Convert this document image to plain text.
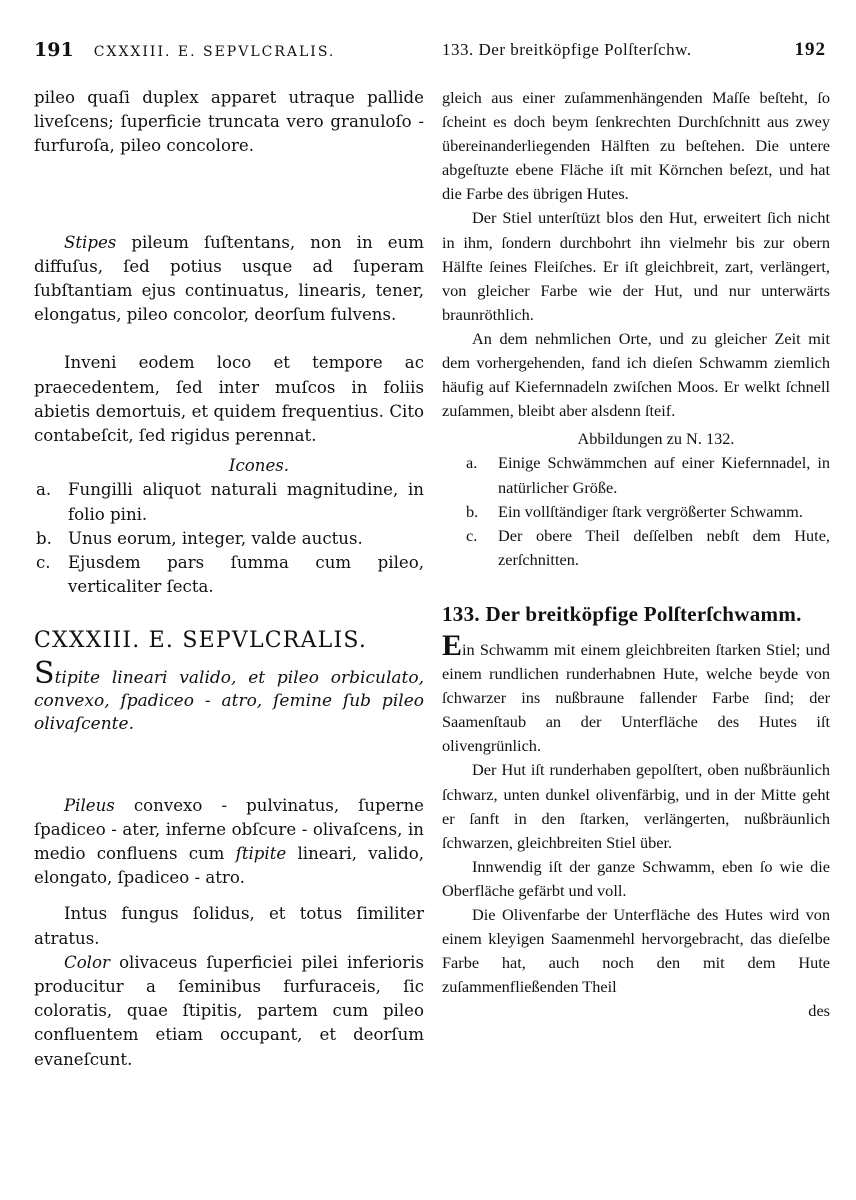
191 CXXXIII. E. SEPVLCRALIS.

pileo quaſi duplex apparet utraque pallide liveſcens; ſuperficie truncata vero granuloſo - furfuroſa, pileo concolore.

Stipes pileum ſuſtentans, non in eum diffuſus, ſed potius usque ad ſuperam ſubſtantiam ejus continuatus, linearis, tener, elongatus, pileo concolor, deorſum fulvens.

Inveni eodem loco et tempore ac praecedentem, ſed inter muſcos in foliis abietis demortuis, et quidem frequentius. Cito contabeſcit, ſed rigidus perennat.

Icones.

a.	Fungilli aliquot naturali magnitudine, in folio pini.
b. Unus eorum, integer, valde auctus.
c.	Ejusdem pars ſumma cum pileo, verticaliter ſecta.
CXXXIII. E. SEPVLCRALIS.

Stipite lineari valido, et pileo orbiculato, convexo, ſpadiceo - atro, ſemine ſub pileo olivaſcente.

Pileus convexo - pulvinatus, ſuperne ſpadiceo - ater, inferne obſcure - olivaſcens, in medio confluens cum ſtipite lineari, valido, elongato, ſpadiceo - atro.

Intus fungus ſolidus, et totus ſimiliter atratus.

Color olivaceus ſuperficiei pilei inferioris producitur a ſeminibus furfuraceis, ſic coloratis, quae ſtipitis, partem cum pileo confluentem etiam occupant, et deorſum evaneſcunt.

133. Der breitköpfige Polſterſchw.	192

gleich aus einer zuſammenhängenden Maſſe beſteht, ſo ſcheint es doch beym ſenkrechten Durchſchnitt aus zwey übereinanderliegenden Hälften zu beſtehen. Die untere abgeſtuzte ebene Fläche iſt mit Körnchen beſezt, und hat die Farbe des übrigen Hutes.

Der Stiel unterſtüzt blos den Hut, erweitert ſich nicht in ihm, ſondern durchbohrt ihn vielmehr bis zur obern Hälfte ſeines Fleiſches. Er iſt gleichbreit, zart, verlängert, von gleicher Farbe wie der Hut, und nur unterwärts braunröthlich.

An dem nehmlichen Orte, und zu gleicher Zeit mit dem vorhergehenden, fand ich dieſen Schwamm ziemlich häufig auf Kiefernnadeln zwiſchen Moos. Er welkt ſchnell zuſammen, bleibt aber alsdenn ſteif.

Abbildungen zu N. 132.

a.	Einige Schwämmchen auf einer Kiefernnadel, in natürlicher Größe.
b.	Ein vollſtändiger ſtark vergrößerter Schwamm.
c.	Der obere Theil deſſelben nebſt dem Hute, zerſchnitten.
133. Der breitköpfige Polſterſchwamm.

Ein Schwamm mit einem gleichbreiten ſtarken Stiel; und einem rundlichen runderhabnen Hute, welche beyde von ſchwarzer ins nußbraune fallender Farbe ſind; der Saamenſtaub an der Unterfläche des Hutes iſt olivengrünlich.

Der Hut iſt runderhaben gepolſtert, oben nußbräunlich ſchwarz, unten dunkel olivenfärbig, und in der Mitte geht er ſanft in den ſtarken, verlängerten, nußbräunlich ſchwarzen, gleichbreiten Stiel über.

Innwendig iſt der ganze Schwamm, eben ſo wie die Oberfläche gefärbt und voll.

Die Olivenfarbe der Unterfläche des Hutes wird von einem kleyigen Saamenmehl hervorgebracht, das dieſelbe Farbe hat, auch noch den mit dem Hute zuſammenfließenden Theil

des
